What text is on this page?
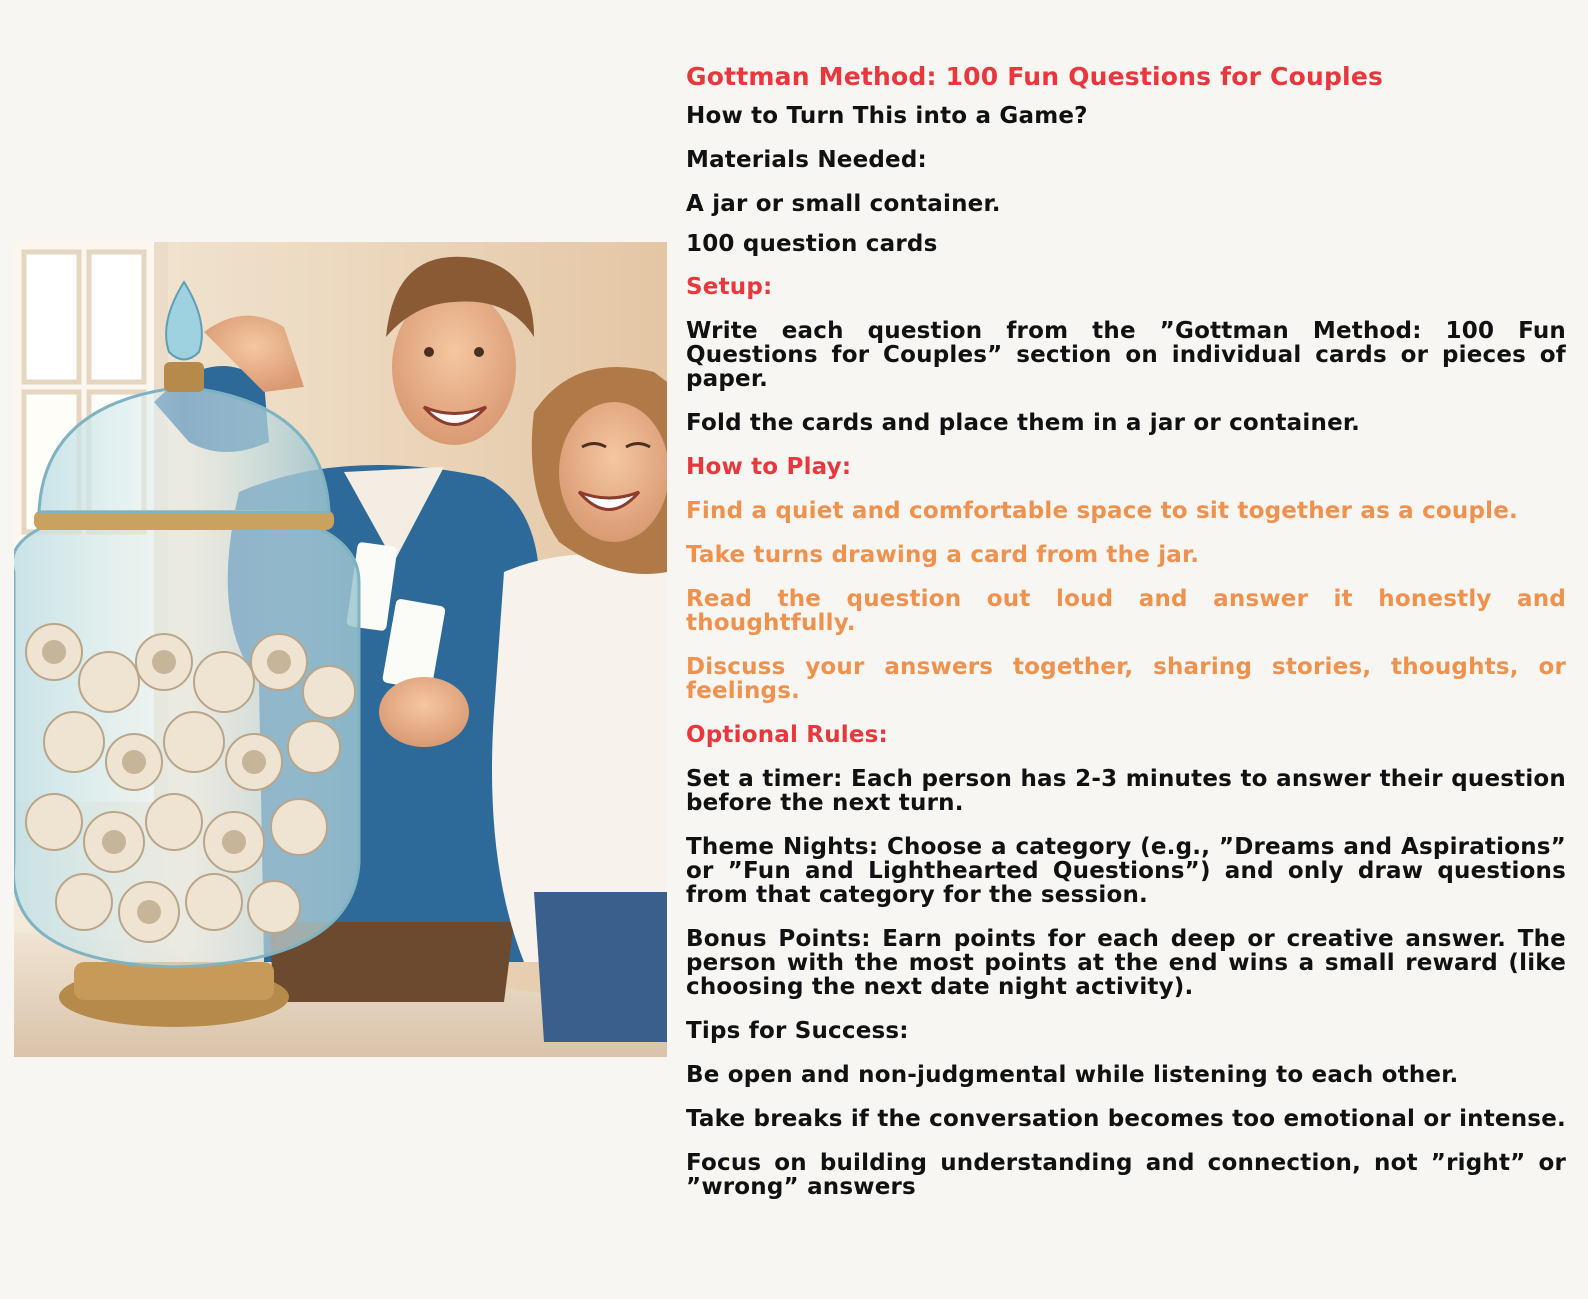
Gottman Method: 100 Fun Questions for Couples

How to Turn This into a Game?

Materials Needed:

A jar or small container.

100 question cards

Setup:

Write each question from the ”Gottman Method: 100 Fun Questions for Couples” section on individual cards or pieces of paper.

Fold the cards and place them in a jar or container.

How to Play:

Find a quiet and comfortable space to sit together as a couple.

Take turns drawing a card from the jar.

Read the question out loud and answer it honestly and thoughtfully.

Discuss your answers together, sharing stories, thoughts, or feelings.

Optional Rules:

Set a timer: Each person has 2-3 minutes to answer their question before the next turn.

Theme Nights: Choose a category (e.g., ”Dreams and Aspirations” or ”Fun and Lighthearted Questions”) and only draw questions from that category for the session.

Bonus Points: Earn points for each deep or creative answer. The person with the most points at the end wins a small reward (like choosing the next date night activity).

Tips for Success:

Be open and non-judgmental while listening to each other.

Take breaks if the conversation becomes too emotional or intense.

Focus on building understanding and connection, not ”right” or ”wrong” answers
